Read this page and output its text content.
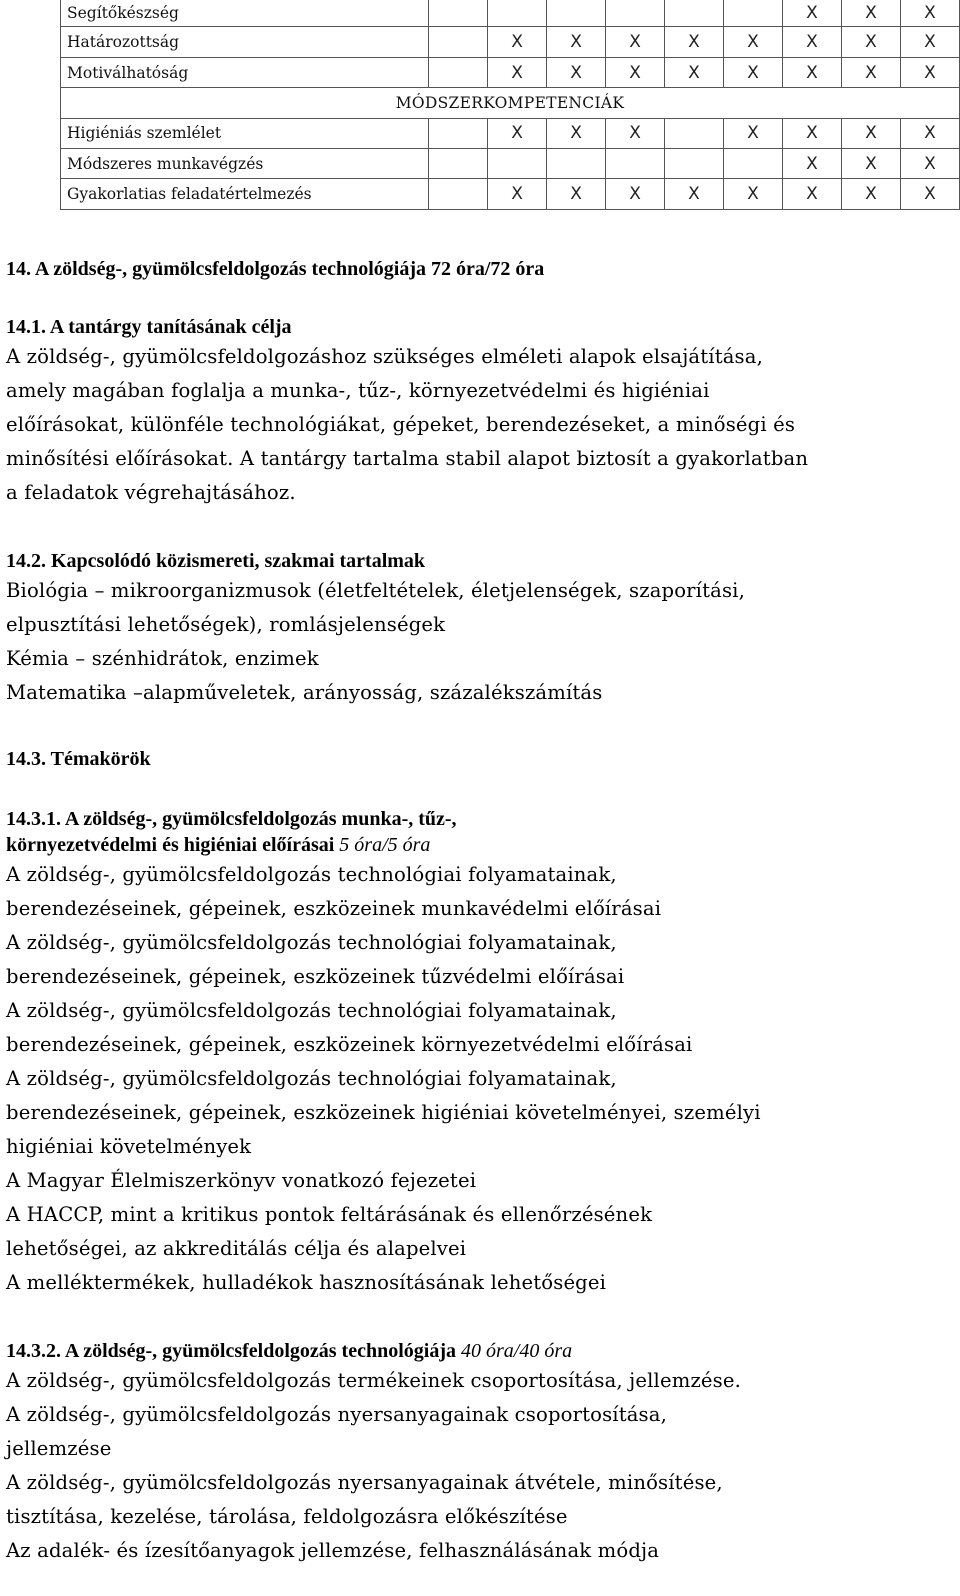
Segítőkészség							X	X	X
Határozottság		X	X	X	X	X	X	X	X
Motiválhatóság		X	X	X	X	X	X	X	X
MÓDSZERKOMPETENCIÁK									
Higiéniás szemlélet		X	X	X		X	X	X	X
Módszeres munkavégzés							X	X	X
Gyakorlatias feladatértelmezés		X	X	X	X	X	X	X	X

14. A zöldség-, gyümölcsfeldolgozás technológiája 72 óra/72 óra

14.1. A tantárgy tanításának célja

A zöldség-, gyümölcsfeldolgozáshoz szükséges elméleti alapok elsajátítása,

amely magában foglalja a munka-, tűz-, környezetvédelmi és higiéniai

előírásokat, különféle technológiákat, gépeket, berendezéseket, a minőségi és

minősítési előírásokat. A tantárgy tartalma stabil alapot biztosít a gyakorlatban

a feladatok végrehajtásához.

14.2. Kapcsolódó közismereti, szakmai tartalmak

Biológia – mikroorganizmusok (életfeltételek, életjelenségek, szaporítási,

elpusztítási lehetőségek), romlásjelenségek

Kémia – szénhidrátok, enzimek

Matematika –alapműveletek, arányosság, százalékszámítás

14.3. Témakörök

14.3.1. A zöldség-, gyümölcsfeldolgozás munka-, tűz-,

környezetvédelmi és higiéniai előírásai 5 óra/5 óra

A zöldség-, gyümölcsfeldolgozás technológiai folyamatainak,

berendezéseinek, gépeinek, eszközeinek munkavédelmi előírásai

A zöldség-, gyümölcsfeldolgozás technológiai folyamatainak,

berendezéseinek, gépeinek, eszközeinek tűzvédelmi előírásai

A zöldség-, gyümölcsfeldolgozás technológiai folyamatainak,

berendezéseinek, gépeinek, eszközeinek környezetvédelmi előírásai

A zöldség-, gyümölcsfeldolgozás technológiai folyamatainak,

berendezéseinek, gépeinek, eszközeinek higiéniai követelményei, személyi

higiéniai követelmények

A Magyar Élelmiszerkönyv vonatkozó fejezetei

A HACCP, mint a kritikus pontok feltárásának és ellenőrzésének

lehetőségei, az akkreditálás célja és alapelvei

A melléktermékek, hulladékok hasznosításának lehetőségei

14.3.2. A zöldség-, gyümölcsfeldolgozás technológiája 40 óra/40 óra

A zöldség-, gyümölcsfeldolgozás termékeinek csoportosítása, jellemzése.

A zöldség-, gyümölcsfeldolgozás nyersanyagainak csoportosítása,

jellemzése

A zöldség-, gyümölcsfeldolgozás nyersanyagainak átvétele, minősítése,

tisztítása, kezelése, tárolása, feldolgozásra előkészítése

Az adalék- és ízesítőanyagok jellemzése, felhasználásának módja
